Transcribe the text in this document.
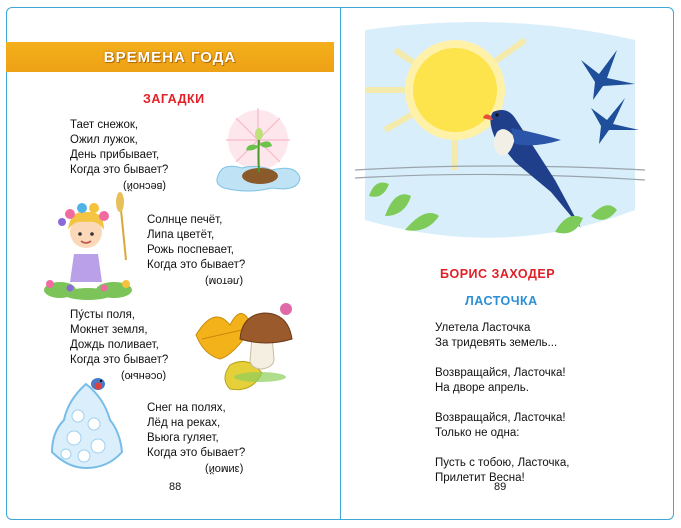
ВРЕМЕНА ГОДА
ЗАГАДКИ
Тает снежок,
Ожил лужок,
День прибывает,
Когда это бывает?
(весной)
Солнце печёт,
Липа цветёт,
Рожь поспевает,
Когда это бывает?
(летом)
Пу́сты поля,
Мокнет земля,
Дождь поливает,
Когда это бывает?
(осенью)
Снег на полях,
Лёд на реках,
Вьюга гуляет,
Когда это бывает?
(зимой)
88
БОРИС ЗАХОДЕР
ЛАСТОЧКА
Улетела Ласточка
За тридевять земель...
Возвращайся, Ласточка!
На дворе апрель.
Возвращайся, Ласточка!
Только не одна:
Пусть с тобою, Ласточка,
Прилетит Весна!
89
